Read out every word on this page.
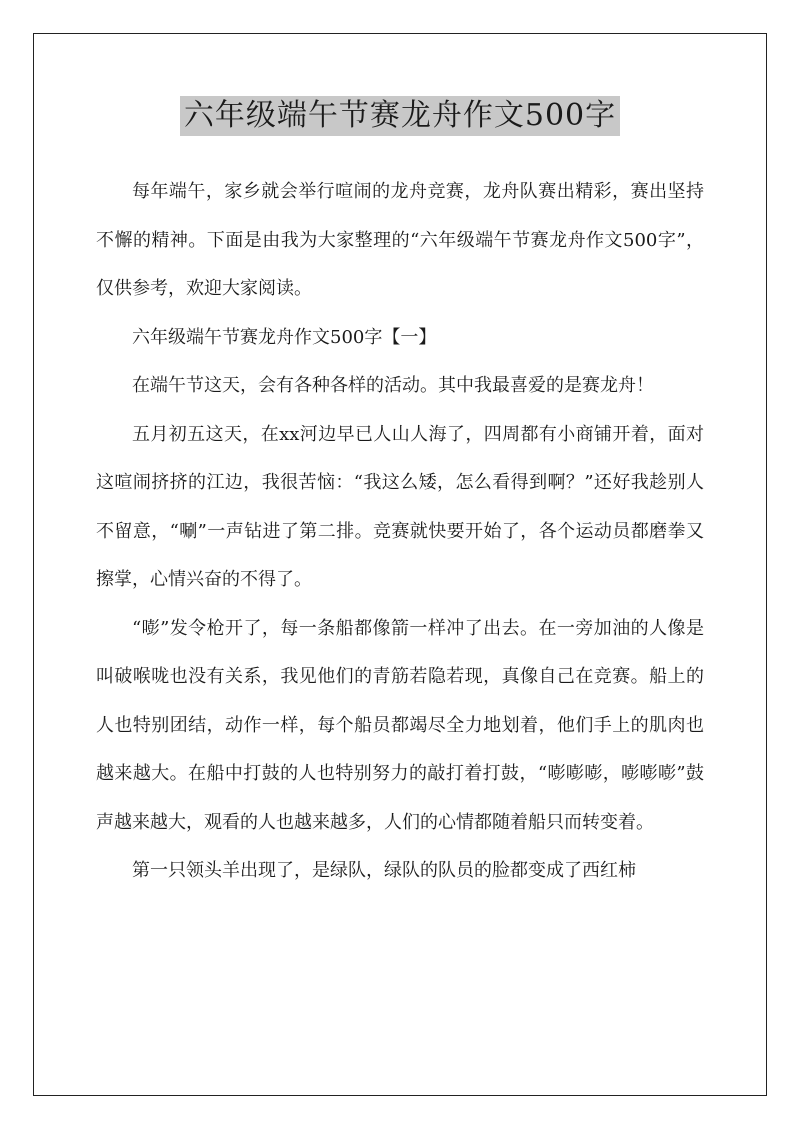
六年级端午节赛龙舟作文500字

每年端午，家乡就会举行喧闹的龙舟竞赛，龙舟队赛出精彩，赛出坚持不懈的精神。下面是由我为大家整理的“六年级端午节赛龙舟作文500字”，仅供参考，欢迎大家阅读。

六年级端午节赛龙舟作文500字【一】

在端午节这天，会有各种各样的活动。其中我最喜爱的是赛龙舟！

五月初五这天，在xx河边早已人山人海了，四周都有小商铺开着，面对这喧闹挤挤的江边，我很苦恼：“我这么矮，怎么看得到啊？”还好我趁别人不留意，“唰”一声钻进了第二排。竞赛就快要开始了，各个运动员都磨拳又擦掌，心情兴奋的不得了。

“嘭”发令枪开了，每一条船都像箭一样冲了出去。在一旁加油的人像是叫破喉咙也没有关系，我见他们的青筋若隐若现，真像自己在竞赛。船上的人也特别团结，动作一样，每个船员都竭尽全力地划着，他们手上的肌肉也越来越大。在船中打鼓的人也特别努力的敲打着打鼓，“嘭嘭嘭，嘭嘭嘭”鼓声越来越大，观看的人也越来越多，人们的心情都随着船只而转变着。

第一只领头羊出现了，是绿队，绿队的队员的脸都变成了西红柿
